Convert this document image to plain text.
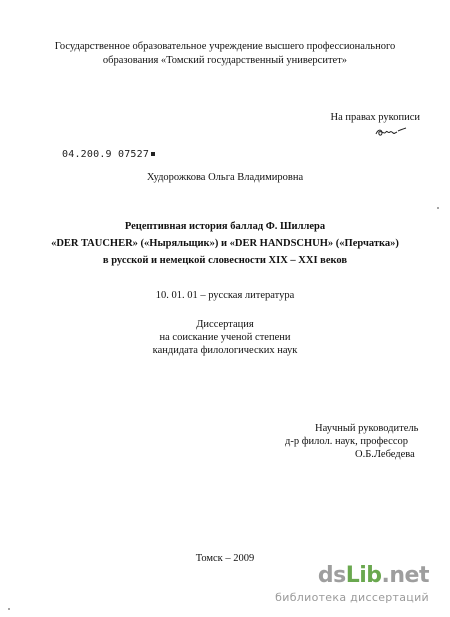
Государственное образовательное учреждение высшего профессионального
образования «Томский государственный университет»
На правах рукописи
04.200.9 07527
Худорожкова Ольга Владимировна
Рецептивная история баллад Ф. Шиллера
«DER TAUCHER» («Ныряльщик») и «DER HANDSCHUH» («Перчатка»)
в русской и немецкой словесности XIX – XXI веков
10. 01. 01 – русская литература
Диссертация
на соискание ученой степени
кандидата филологических наук
Научный руководитель
д-р филол. наук, профессор
О.Б.Лебедева
Томск – 2009
dsLib.net
библиотека диссертаций
